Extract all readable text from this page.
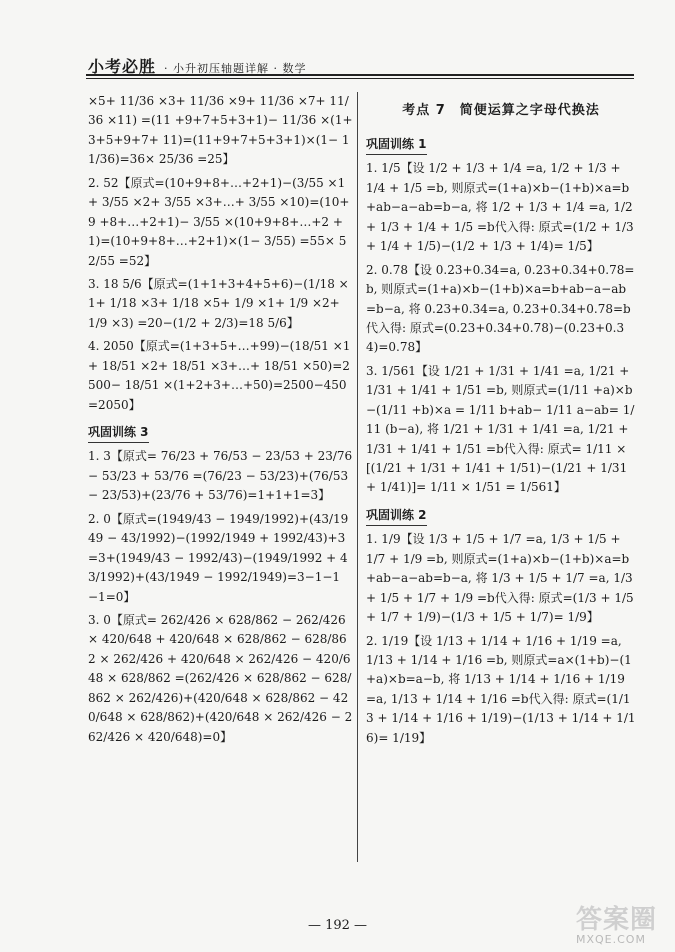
小考必胜 · 小升初压轴题详解 · 数学
×5+ 11/36 ×3+ 11/36 ×9+ 11/36 ×7+ 11/36 ×11) =(11 +9+7+5+3+1)− 11/36 ×(1+3+5+9+7+ 11)=(11+9+7+5+3+1)×(1− 11/36)=36× 25/36 =25】
2. 52【原式=(10+9+8+…+2+1)−(3/55 ×1 + 3/55 ×2+ 3/55 ×3+…+ 3/55 ×10)=(10+9 +8+…+2+1)− 3/55 ×(10+9+8+…+2 +1)=(10+9+8+…+2+1)×(1− 3/55) =55× 52/55 =52】
3. 18 5/6【原式=(1+1+3+4+5+6)−(1/18 × 1+ 1/18 ×3+ 1/18 ×5+ 1/9 ×1+ 1/9 ×2+ 1/9 ×3) =20−(1/2 + 2/3)=18 5/6】
4. 2050【原式=(1+3+5+…+99)−(18/51 ×1 + 18/51 ×2+ 18/51 ×3+…+ 18/51 ×50)=2500− 18/51 ×(1+2+3+…+50)=2500−450=2050】
巩固训练 3
1. 3【原式= 76/23 + 76/53 − 23/53 + 23/76 − 53/23 + 53/76 =(76/23 − 53/23)+(76/53 − 23/53)+(23/76 + 53/76)=1+1+1=3】
2. 0【原式=(1949/43 − 1949/1992)+(43/1949 − 43/1992)−(1992/1949 + 1992/43)+3=3+(1949/43 − 1992/43)−(1949/1992 + 43/1992)+(43/1949 − 1992/1949)=3−1−1−1=0】
3. 0【原式= 262/426 × 628/862 − 262/426 × 420/648 + 420/648 × 628/862 − 628/862 × 262/426 + 420/648 × 262/426 − 420/648 × 628/862 =(262/426 × 628/862 − 628/862 × 262/426)+(420/648 × 628/862 − 420/648 × 628/862)+(420/648 × 262/426 − 262/426 × 420/648)=0】
考点 7　简便运算之字母代换法
巩固训练 1
1. 1/5【设 1/2 + 1/3 + 1/4 =a, 1/2 + 1/3 + 1/4 + 1/5 =b, 则原式=(1+a)×b−(1+b)×a=b+ab−a−ab=b−a, 将 1/2 + 1/3 + 1/4 =a, 1/2 + 1/3 + 1/4 + 1/5 =b代入得: 原式=(1/2 + 1/3 + 1/4 + 1/5)−(1/2 + 1/3 + 1/4)= 1/5】
2. 0.78【设 0.23+0.34=a, 0.23+0.34+0.78=b, 则原式=(1+a)×b−(1+b)×a=b+ab−a−ab=b−a, 将 0.23+0.34=a, 0.23+0.34+0.78=b代入得: 原式=(0.23+0.34+0.78)−(0.23+0.34)=0.78】
3. 1/561【设 1/21 + 1/31 + 1/41 =a, 1/21 + 1/31 + 1/41 + 1/51 =b, 则原式=(1/11 +a)×b−(1/11 +b)×a = 1/11 b+ab− 1/11 a−ab= 1/11 (b−a), 将 1/21 + 1/31 + 1/41 =a, 1/21 + 1/31 + 1/41 + 1/51 =b代入得: 原式= 1/11 ×[(1/21 + 1/31 + 1/41 + 1/51)−(1/21 + 1/31 + 1/41)]= 1/11 × 1/51 = 1/561】
巩固训练 2
1. 1/9【设 1/3 + 1/5 + 1/7 =a, 1/3 + 1/5 + 1/7 + 1/9 =b, 则原式=(1+a)×b−(1+b)×a=b+ab−a−ab=b−a, 将 1/3 + 1/5 + 1/7 =a, 1/3 + 1/5 + 1/7 + 1/9 =b代入得: 原式=(1/3 + 1/5 + 1/7 + 1/9)−(1/3 + 1/5 + 1/7)= 1/9】
2. 1/19【设 1/13 + 1/14 + 1/16 + 1/19 =a, 1/13 + 1/14 + 1/16 =b, 则原式=a×(1+b)−(1+a)×b=a−b, 将 1/13 + 1/14 + 1/16 + 1/19 =a, 1/13 + 1/14 + 1/16 =b代入得: 原式=(1/13 + 1/14 + 1/16 + 1/19)−(1/13 + 1/14 + 1/16)= 1/19】
— 192 —	答案圈
MXQE.COM
